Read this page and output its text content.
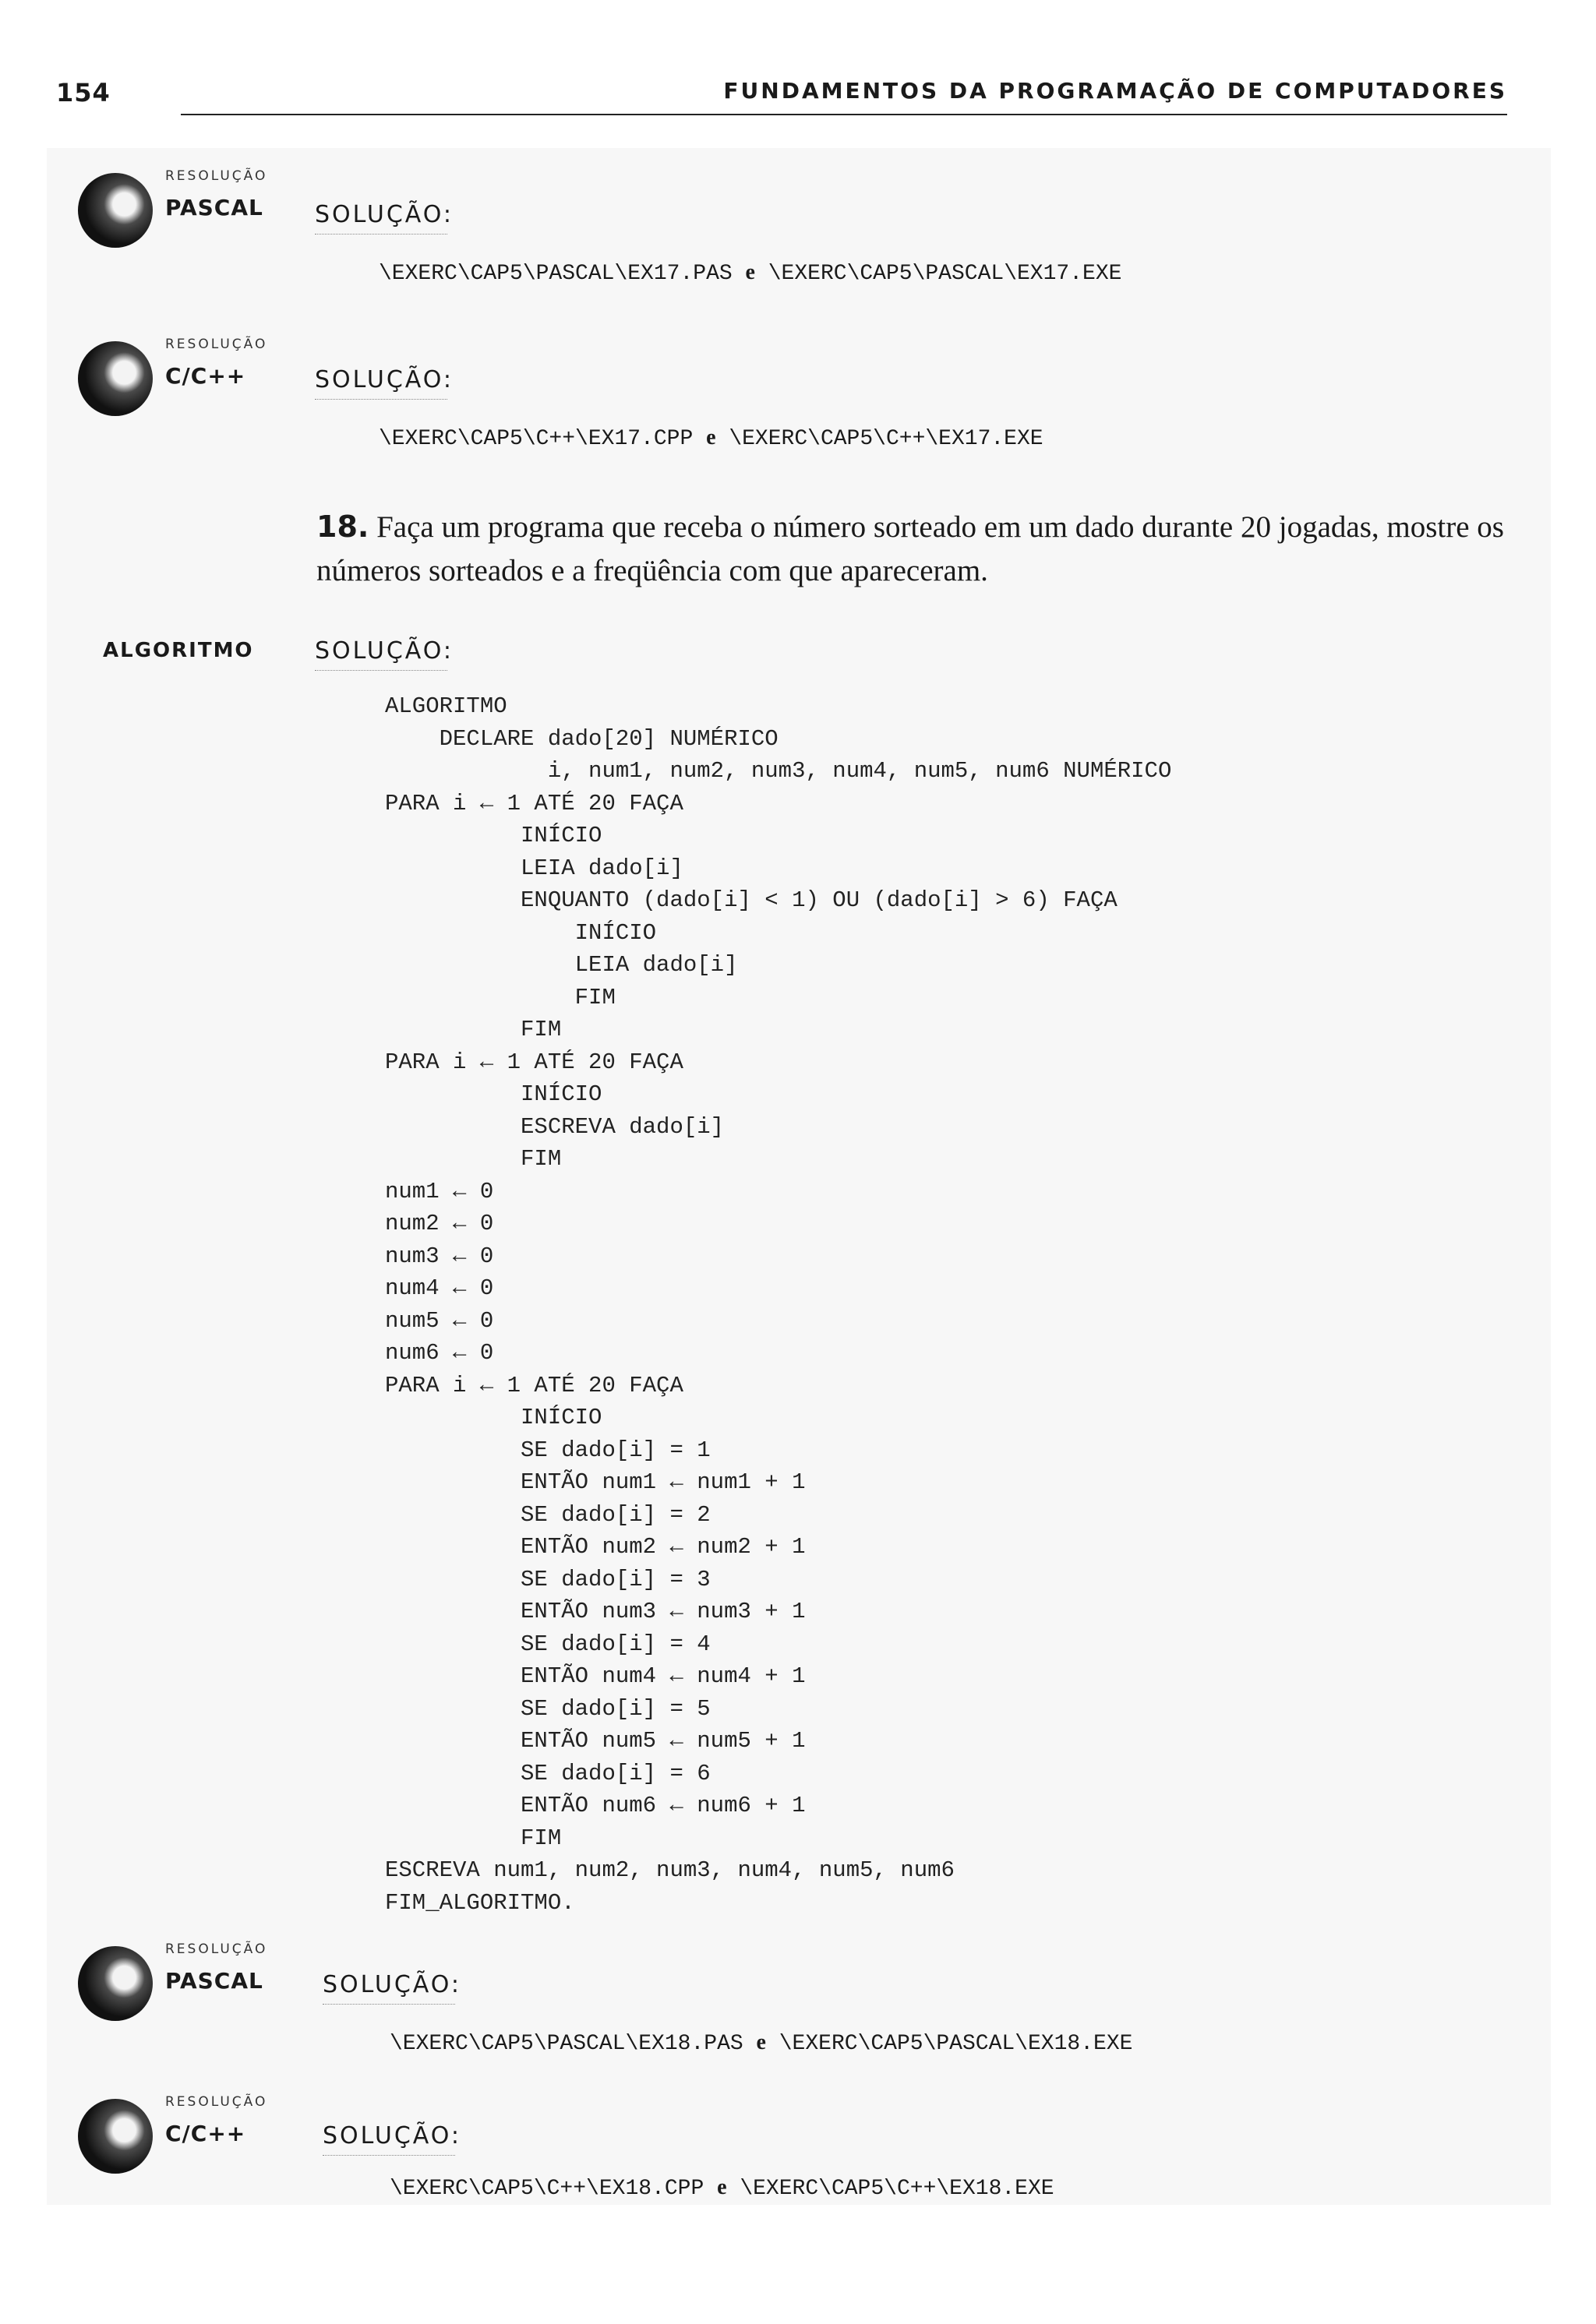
154	FUNDAMENTOS DA PROGRAMAÇÃO DE COMPUTADORES
RESOLUÇÃO
PASCAL SOLUÇÃO:
\EXERC\CAP5\PASCAL\EX17.PAS e \EXERC\CAP5\PASCAL\EX17.EXE
RESOLUÇÃO
C/C++	SOLUÇÃO:
\EXERC\CAP5\C++\EX17.CPP e \EXERC\CAP5\C++\EX17.EXE
18. Faça um programa que receba o número sorteado em um dado durante 20 jogadas, mostre os números sorteados e a freqüência com que apareceram.
ALGORITMO	SOLUÇÃO:
ALGORITMO
DECLARE dado[20] NUMÉRICO
i, num1, num2, num3, num4, num5, num6 NUMÉRICO
PARA i ← 1 ATÉ 20 FAÇA
INÍCIO
LEIA dado[i]
ENQUANTO (dado[i] < 1) OU (dado[i] > 6) FAÇA
INÍCIO
LEIA dado[i]
FIM
FIM
PARA i ← 1 ATÉ 20 FAÇA
INÍCIO
ESCREVA dado[i]
FIM
num1 ← 0
num2 ← 0
num3 ← 0
num4 ← 0
num5 ← 0
num6 ← 0
PARA i ← 1 ATÉ 20 FAÇA
INÍCIO
SE dado[i] = 1
ENTÃO num1 ← num1 + 1
SE dado[i] = 2
ENTÃO num2 ← num2 + 1
SE dado[i] = 3
ENTÃO num3 ← num3 + 1
SE dado[i] = 4
ENTÃO num4 ← num4 + 1
SE dado[i] = 5
ENTÃO num5 ← num5 + 1
SE dado[i] = 6
ENTÃO num6 ← num6 + 1
FIM
ESCREVA num1, num2, num3, num4, num5, num6
FIM_ALGORITMO.
RESOLUÇÃO
PASCAL	SOLUÇÃO:
\EXERC\CAP5\PASCAL\EX18.PAS e \EXERC\CAP5\PASCAL\EX18.EXE
RESOLUÇÃO
C/C++	SOLUÇÃO:
\EXERC\CAP5\C++\EX18.CPP e \EXERC\CAP5\C++\EX18.EXE
